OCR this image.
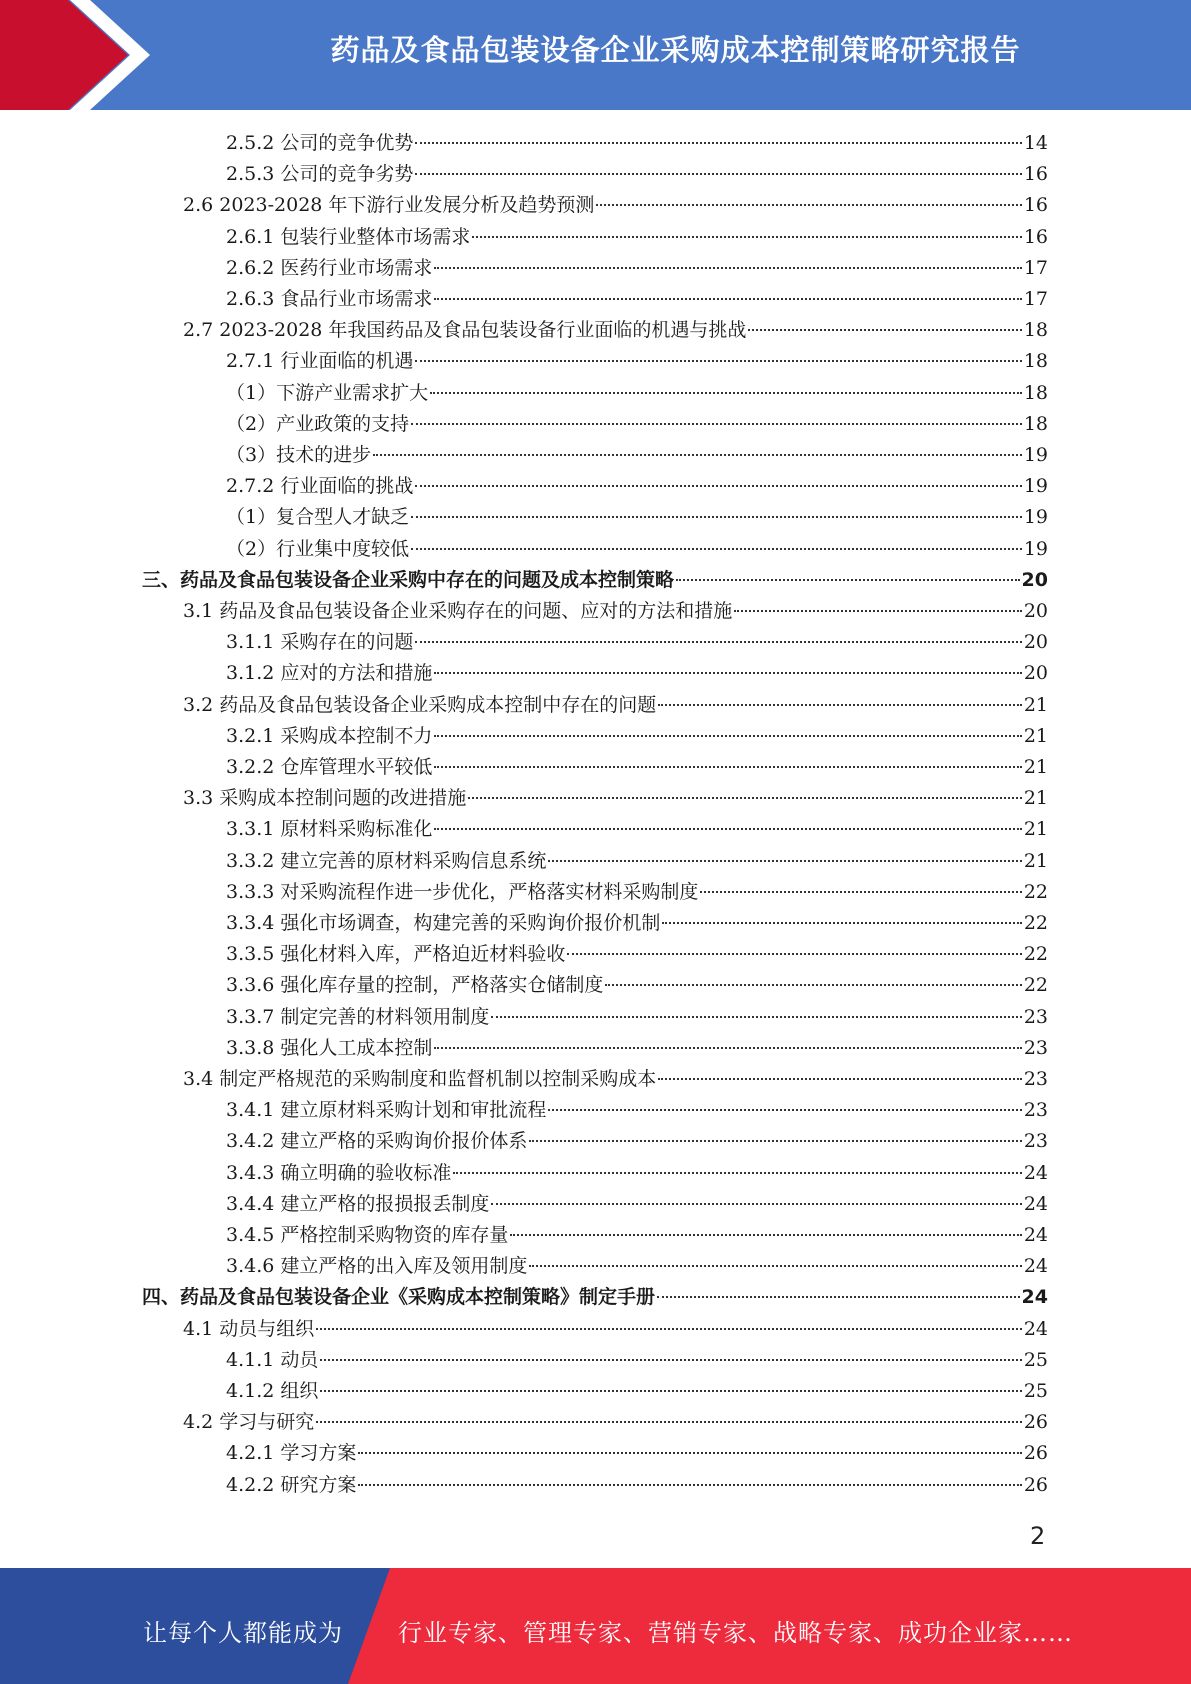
药品及食品包装设备企业采购成本控制策略研究报告
2.5.2 公司的竞争优势	14
2.5.3 公司的竞争劣势	16
2.6 2023-2028 年下游行业发展分析及趋势预测	16
2.6.1 包装行业整体市场需求	16
2.6.2 医药行业市场需求	17
2.6.3 食品行业市场需求	17
2.7 2023-2028 年我国药品及食品包装设备行业面临的机遇与挑战	18
2.7.1 行业面临的机遇	18
（1）下游产业需求扩大	18
（2）产业政策的支持	18
（3）技术的进步	19
2.7.2 行业面临的挑战	19
（1）复合型人才缺乏	19
（2）行业集中度较低	19
三、药品及食品包装设备企业采购中存在的问题及成本控制策略	20
3.1 药品及食品包装设备企业采购存在的问题、应对的方法和措施	20
3.1.1 采购存在的问题	20
3.1.2 应对的方法和措施	20
3.2 药品及食品包装设备企业采购成本控制中存在的问题	21
3.2.1 采购成本控制不力	21
3.2.2 仓库管理水平较低	21
3.3 采购成本控制问题的改进措施	21
3.3.1 原材料采购标准化	21
3.3.2 建立完善的原材料采购信息系统	21
3.3.3 对采购流程作进一步优化，严格落实材料采购制度	22
3.3.4 强化市场调查，构建完善的采购询价报价机制	22
3.3.5 强化材料入库，严格迫近材料验收	22
3.3.6 强化库存量的控制，严格落实仓储制度	22
3.3.7 制定完善的材料领用制度	23
3.3.8 强化人工成本控制	23
3.4 制定严格规范的采购制度和监督机制以控制采购成本	23
3.4.1 建立原材料采购计划和审批流程	23
3.4.2 建立严格的采购询价报价体系	23
3.4.3 确立明确的验收标准	24
3.4.4 建立严格的报损报丢制度	24
3.4.5 严格控制采购物资的库存量	24
3.4.6 建立严格的出入库及领用制度	24
四、药品及食品包装设备企业《采购成本控制策略》制定手册	24
4.1 动员与组织	24
4.1.1 动员	25
4.1.2 组织	25
4.2 学习与研究	26
4.2.1 学习方案	26
4.2.2 研究方案	26
2
让每个人都能成为 行业专家、管理专家、营销专家、战略专家、成功企业家……
